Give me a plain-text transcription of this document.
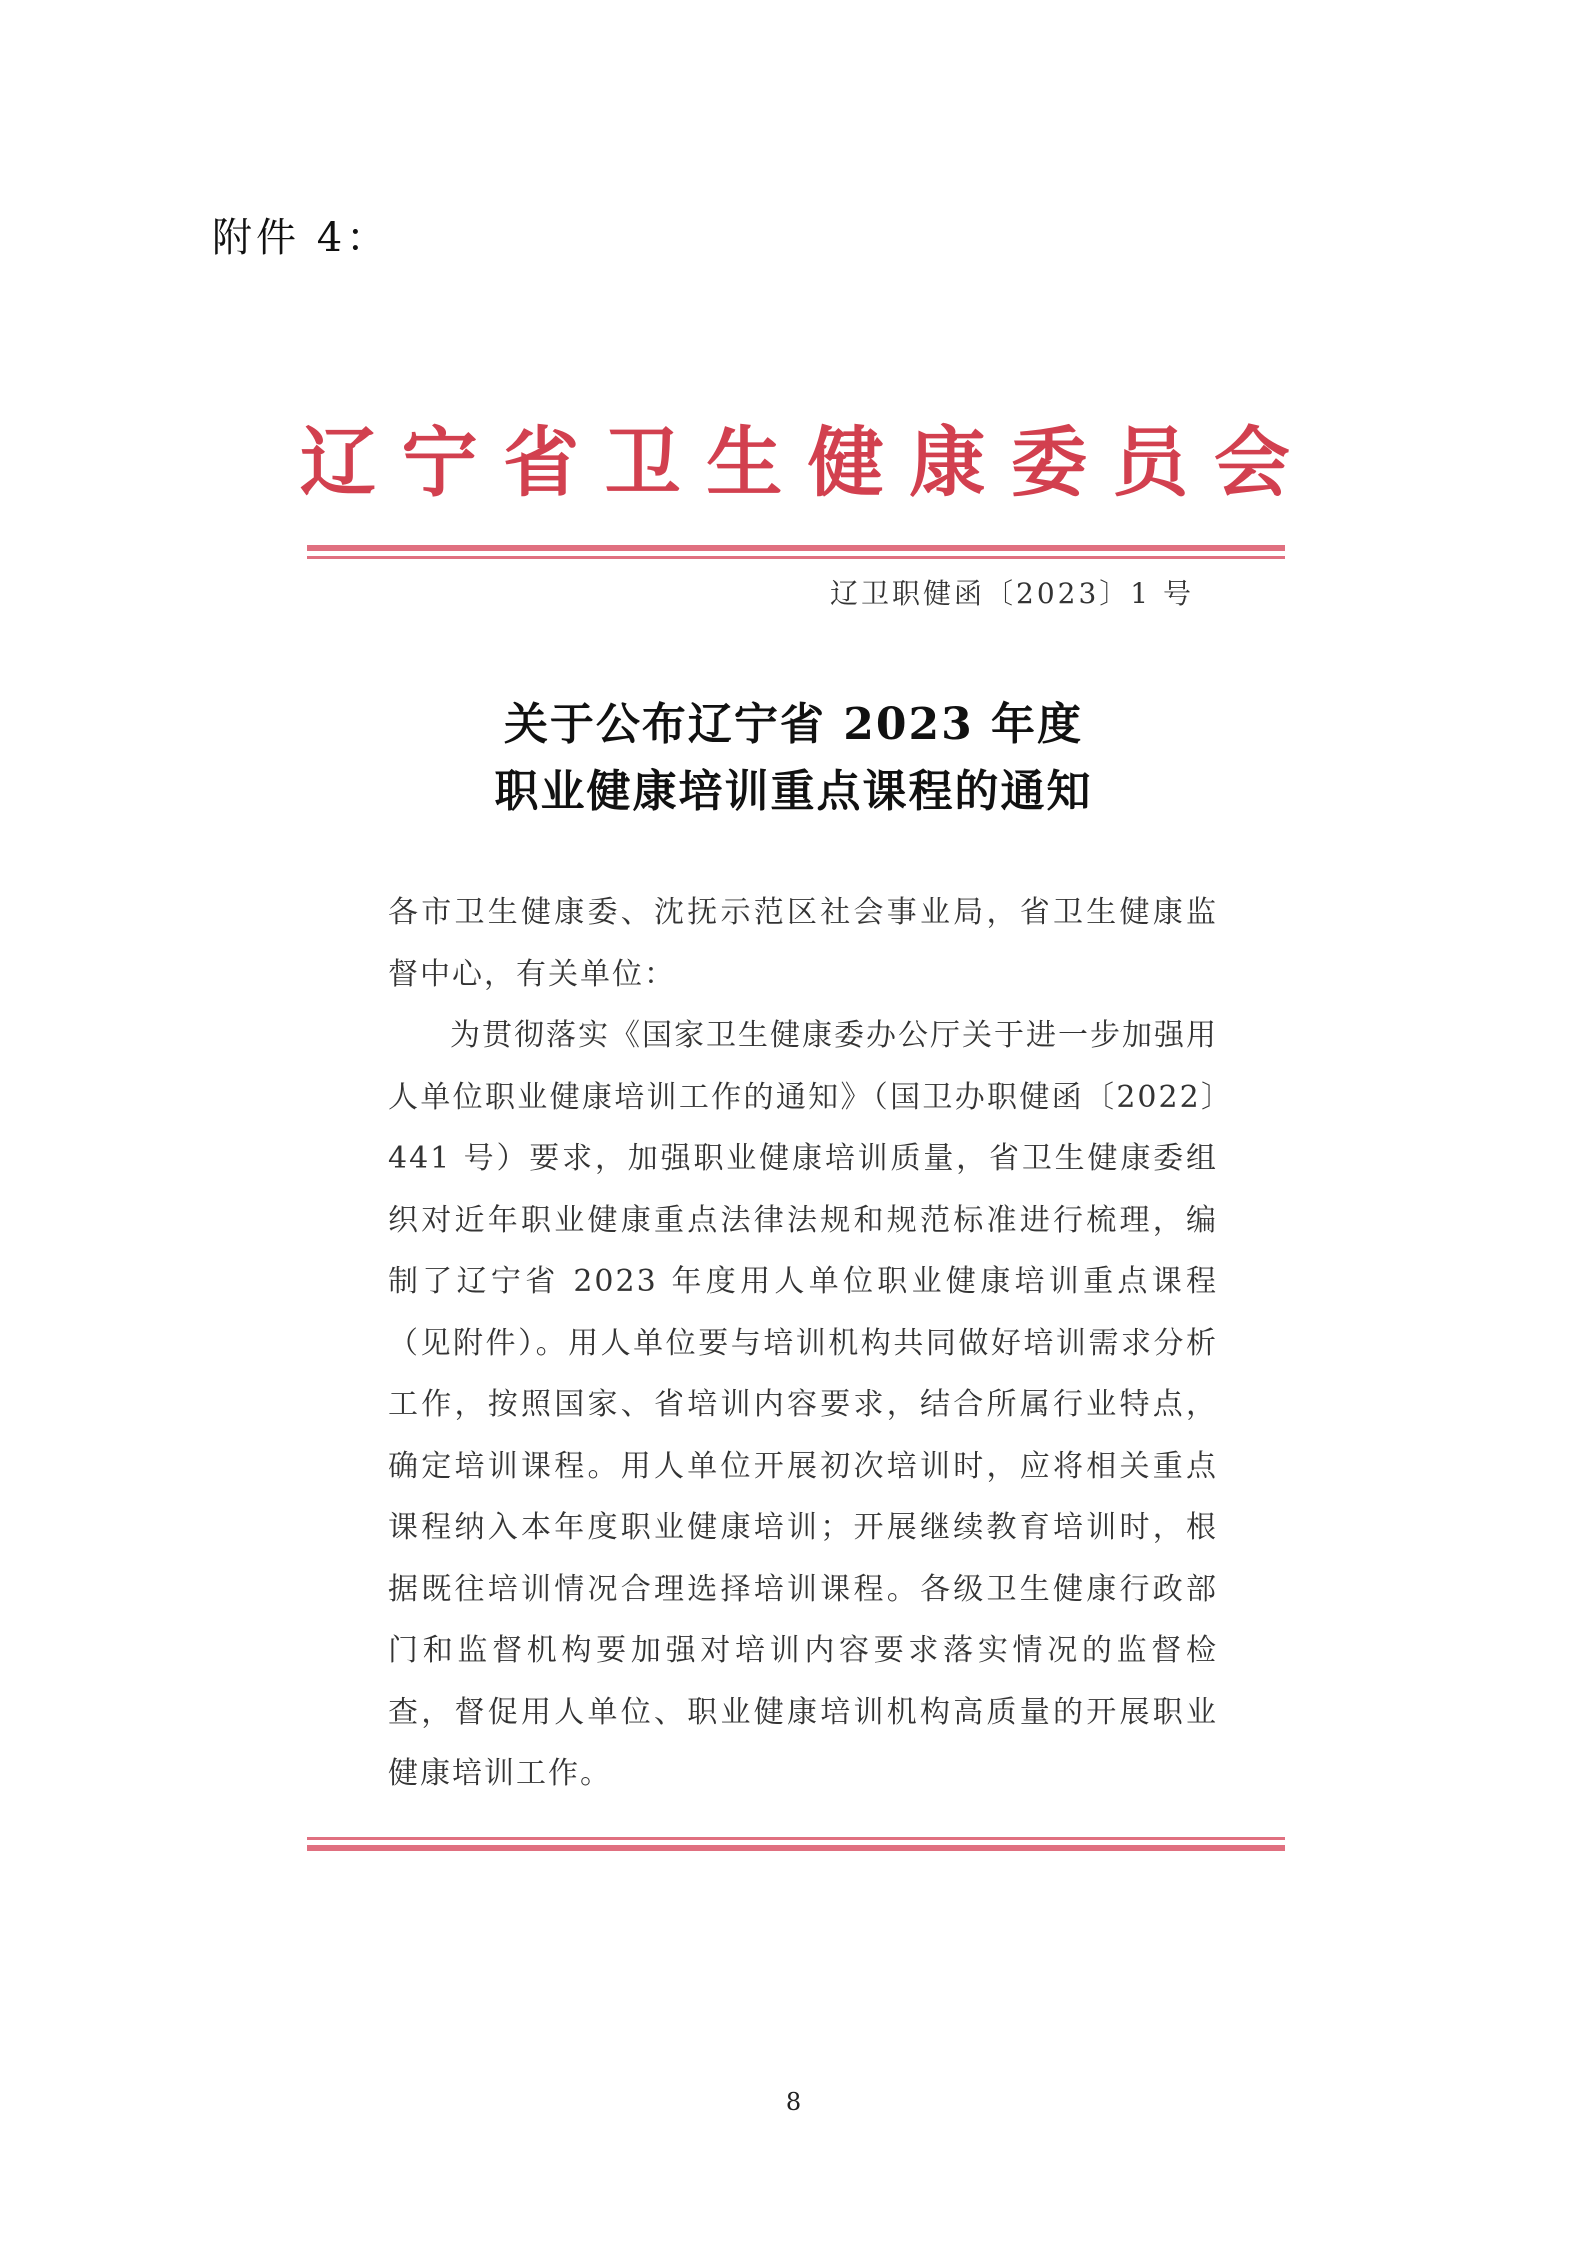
附件 4：
辽 宁 省 卫 生 健 康 委 员 会
辽卫职健函〔2023〕1 号
关于公布辽宁省 2023 年度
职业健康培训重点课程的通知
各市卫生健康委、沈抚示范区社会事业局，省卫生健康监督中心，有关单位：
为贯彻落实《国家卫生健康委办公厅关于进一步加强用人单位职业健康培训工作的通知》（国卫办职健函〔2022〕441 号）要求，加强职业健康培训质量，省卫生健康委组织对近年职业健康重点法律法规和规范标准进行梳理，编制了辽宁省 2023 年度用人单位职业健康培训重点课程（见附件）。用人单位要与培训机构共同做好培训需求分析工作，按照国家、省培训内容要求，结合所属行业特点，确定培训课程。用人单位开展初次培训时，应将相关重点课程纳入本年度职业健康培训；开展继续教育培训时，根据既往培训情况合理选择培训课程。各级卫生健康行政部门和监督机构要加强对培训内容要求落实情况的监督检查，督促用人单位、职业健康培训机构高质量的开展职业健康培训工作。
8
